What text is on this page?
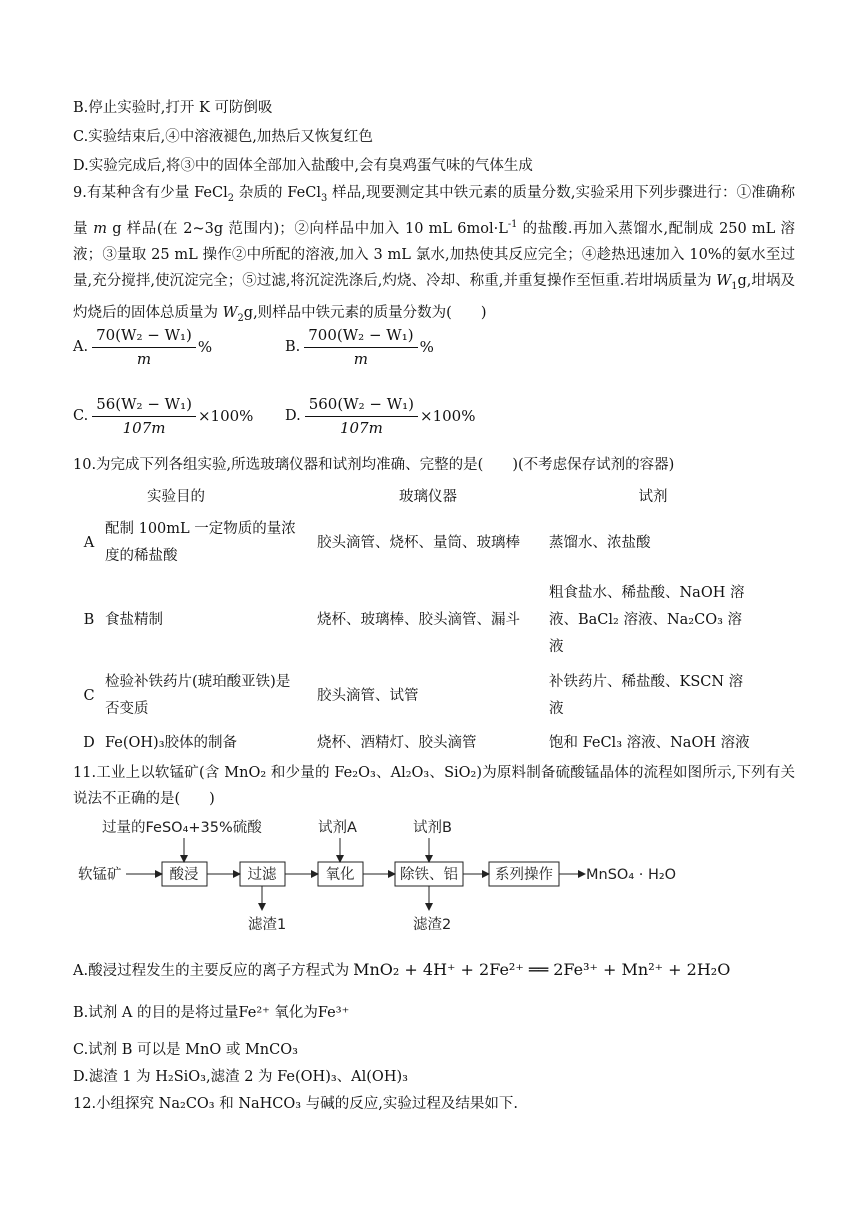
B.停止实验时,打开 K 可防倒吸
C.实验结束后,④中溶液褪色,加热后又恢复红色
D.实验完成后,将③中的固体全部加入盐酸中,会有臭鸡蛋气味的气体生成
9.有某种含有少量 FeCl$_2$ 杂质的 FeCl$_3$ 样品,现要测定其中铁元素的质量分数,实验采用下列步骤进行：①准确称量 m g 样品(在 2~3g 范围内)；②向样品中加入 10 mL $6mol\cdot L^{-1}$ 的盐酸.再加入蒸馏水,配制成 250 mL 溶液；③量取 25 mL 操作②中所配的溶液,加入 3 mL 氯水,加热使其反应完全；④趁热迅速加入 10%的氨水至过量,充分搅拌,使沉淀完全；⑤过滤,将沉淀洗涤后,灼烧、冷却、称重,并重复操作至恒重.若坩埚质量为 $W_1g$,坩埚及灼烧后的固体总质量为 $W_2g$,则样品中铁元素的质量分数为(　　)
A. $\frac{\text{70(W₂ − W₁)}}{m}$ %	B. $\frac{\text{700(W₂ − W₁)}}{m}$ %
C. $\frac{\text{56(W₂ − W₁)}}{107m} \times 100\%$ D. $\frac{\text{560(W₂ − W₁)}}{107m} \times 100\%$
10.为完成下列各组实验,所选玻璃仪器和试剂均准确、完整的是(　　)(不考虑保存试剂的容器)
	实验目的	玻璃仪器	试剂
A	配制 100mL 一定物质的量浓度的稀盐酸	胶头滴管、烧杯、量筒、玻璃棒	蒸馏水、浓盐酸
B	食盐精制	烧杯、玻璃棒、胶头滴管、漏斗	粗食盐水、稀盐酸、NaOH 溶液、BaCl₂ 溶液、Na₂CO₃ 溶液
C	检验补铁药片(琥珀酸亚铁)是否变质	胶头滴管、试管	补铁药片、稀盐酸、KSCN 溶液
D	Fe(OH)₃胶体的制备	烧杯、酒精灯、胶头滴管	饱和 FeCl₃ 溶液、NaOH 溶液
11.工业上以软锰矿(含 MnO₂ 和少量的 Fe₂O₃、Al₂O₃、SiO₂)为原料制备硫酸锰晶体的流程如图所示,下列有关说法不正确的是(　　)
过量的FeSO₄+35%硫酸	试剂A	试剂B
软锰矿	MnSO₄ · H₂O
滤渣1	滤渣2
酸浸	过滤	氧化	除铁、铝	系列操作
A.酸浸过程发生的主要反应的离子方程式为 MnO₂ + 4H⁺ + 2Fe²⁺ ══ 2Fe³⁺ + Mn²⁺ + 2H₂O
B.试剂 A 的目的是将过量Fe²⁺ 氧化为Fe³⁺
C.试剂 B 可以是 MnO 或 MnCO₃
D.滤渣 1 为 H₂SiO₃,滤渣 2 为 Fe(OH)₃、Al(OH)₃
12.小组探究 Na₂CO₃ 和 NaHCO₃ 与碱的反应,实验过程及结果如下.
